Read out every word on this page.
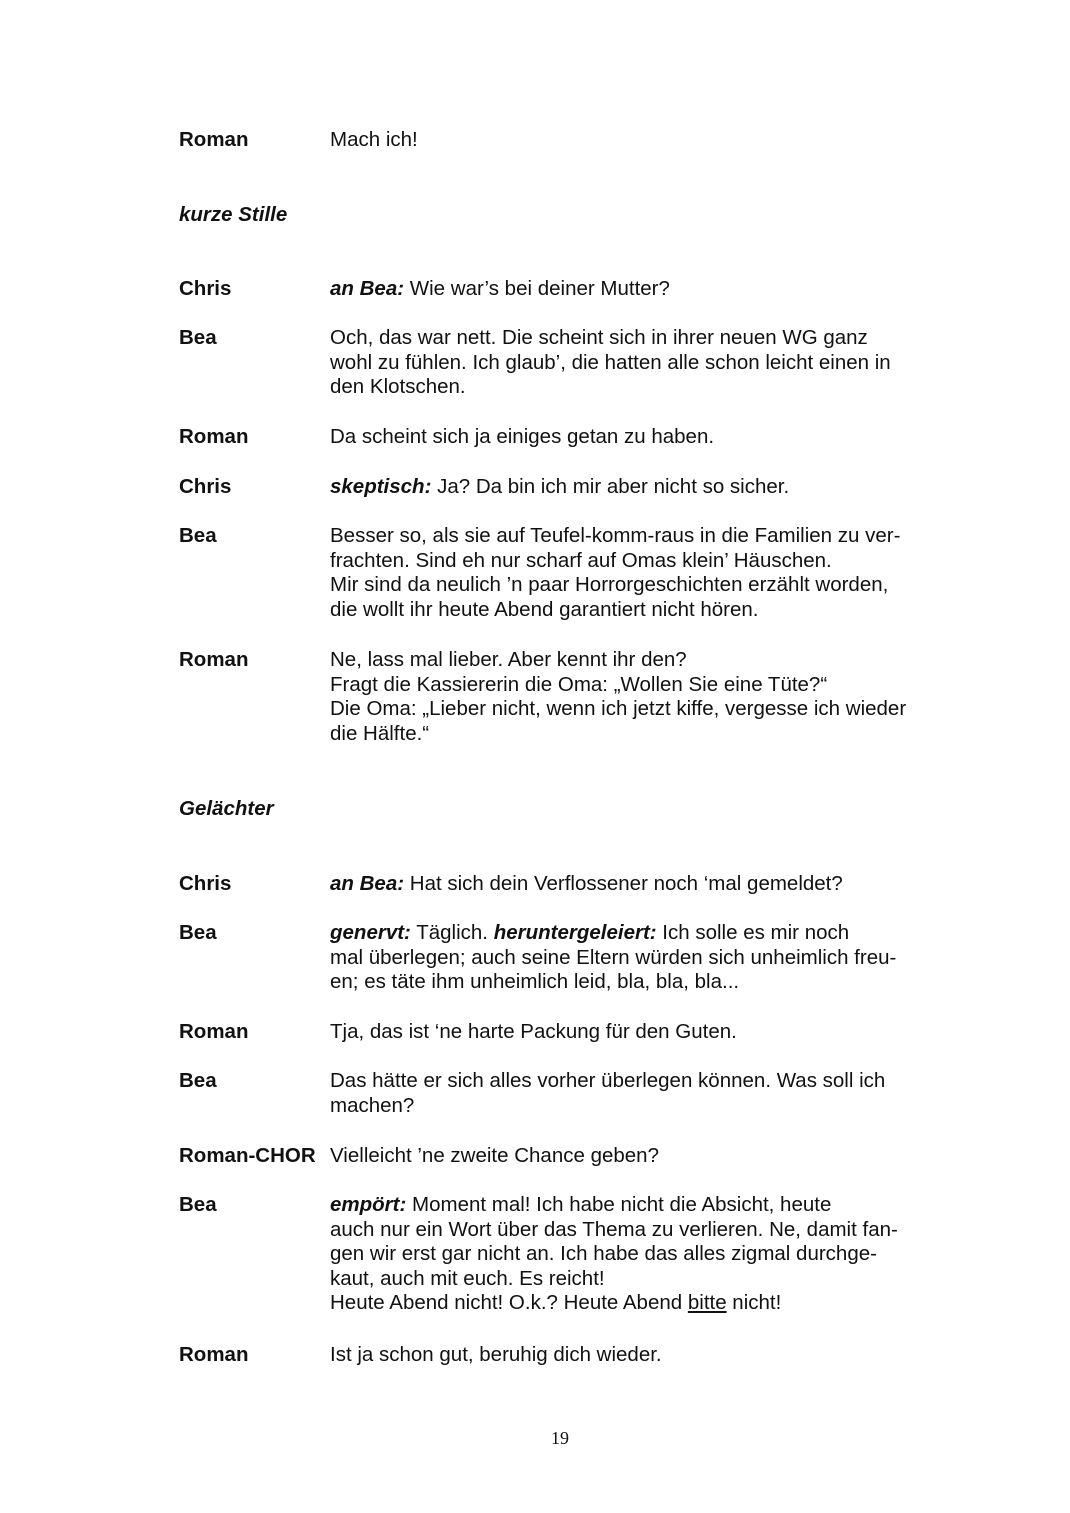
Roman	Mach ich!
kurze Stille
Chris	an Bea: Wie war’s bei deiner Mutter?
Bea	Och, das war nett. Die scheint sich in ihrer neuen WG ganz
wohl zu fühlen. Ich glaub’, die hatten alle schon leicht einen in
den Klotschen.
Roman	Da scheint sich ja einiges getan zu haben.
Chris	skeptisch: Ja? Da bin ich mir aber nicht so sicher.
Bea	Besser so, als sie auf Teufel-komm-raus in die Familien zu ver-
frachten. Sind eh nur scharf auf Omas klein’ Häuschen.
Mir sind da neulich ’n paar Horrorgeschichten erzählt worden,
die wollt ihr heute Abend garantiert nicht hören.
Roman	Ne, lass mal lieber. Aber kennt ihr den?
Fragt die Kassiererin die Oma: „Wollen Sie eine Tüte?“
Die Oma: „Lieber nicht, wenn ich jetzt kiffe, vergesse ich wieder
die Hälfte.“
Gelächter
Chris	an Bea: Hat sich dein Verflossener noch ‘mal gemeldet?
Bea	genervt: Täglich. heruntergeleiert: Ich solle es mir noch
mal überlegen; auch seine Eltern würden sich unheimlich freu-
en; es täte ihm unheimlich leid, bla, bla, bla...
Roman	Tja, das ist ‘ne harte Packung für den Guten.
Bea	Das hätte er sich alles vorher überlegen können. Was soll ich
machen?
Roman-CHOR Vielleicht ’ne zweite Chance geben?
Bea	empört: Moment mal! Ich habe nicht die Absicht, heute
auch nur ein Wort über das Thema zu verlieren. Ne, damit fan-
gen wir erst gar nicht an. Ich habe das alles zigmal durchge-
kaut, auch mit euch. Es reicht!
Heute Abend nicht! O.k.? Heute Abend bitte nicht!
Roman	Ist ja schon gut, beruhig dich wieder.
19
